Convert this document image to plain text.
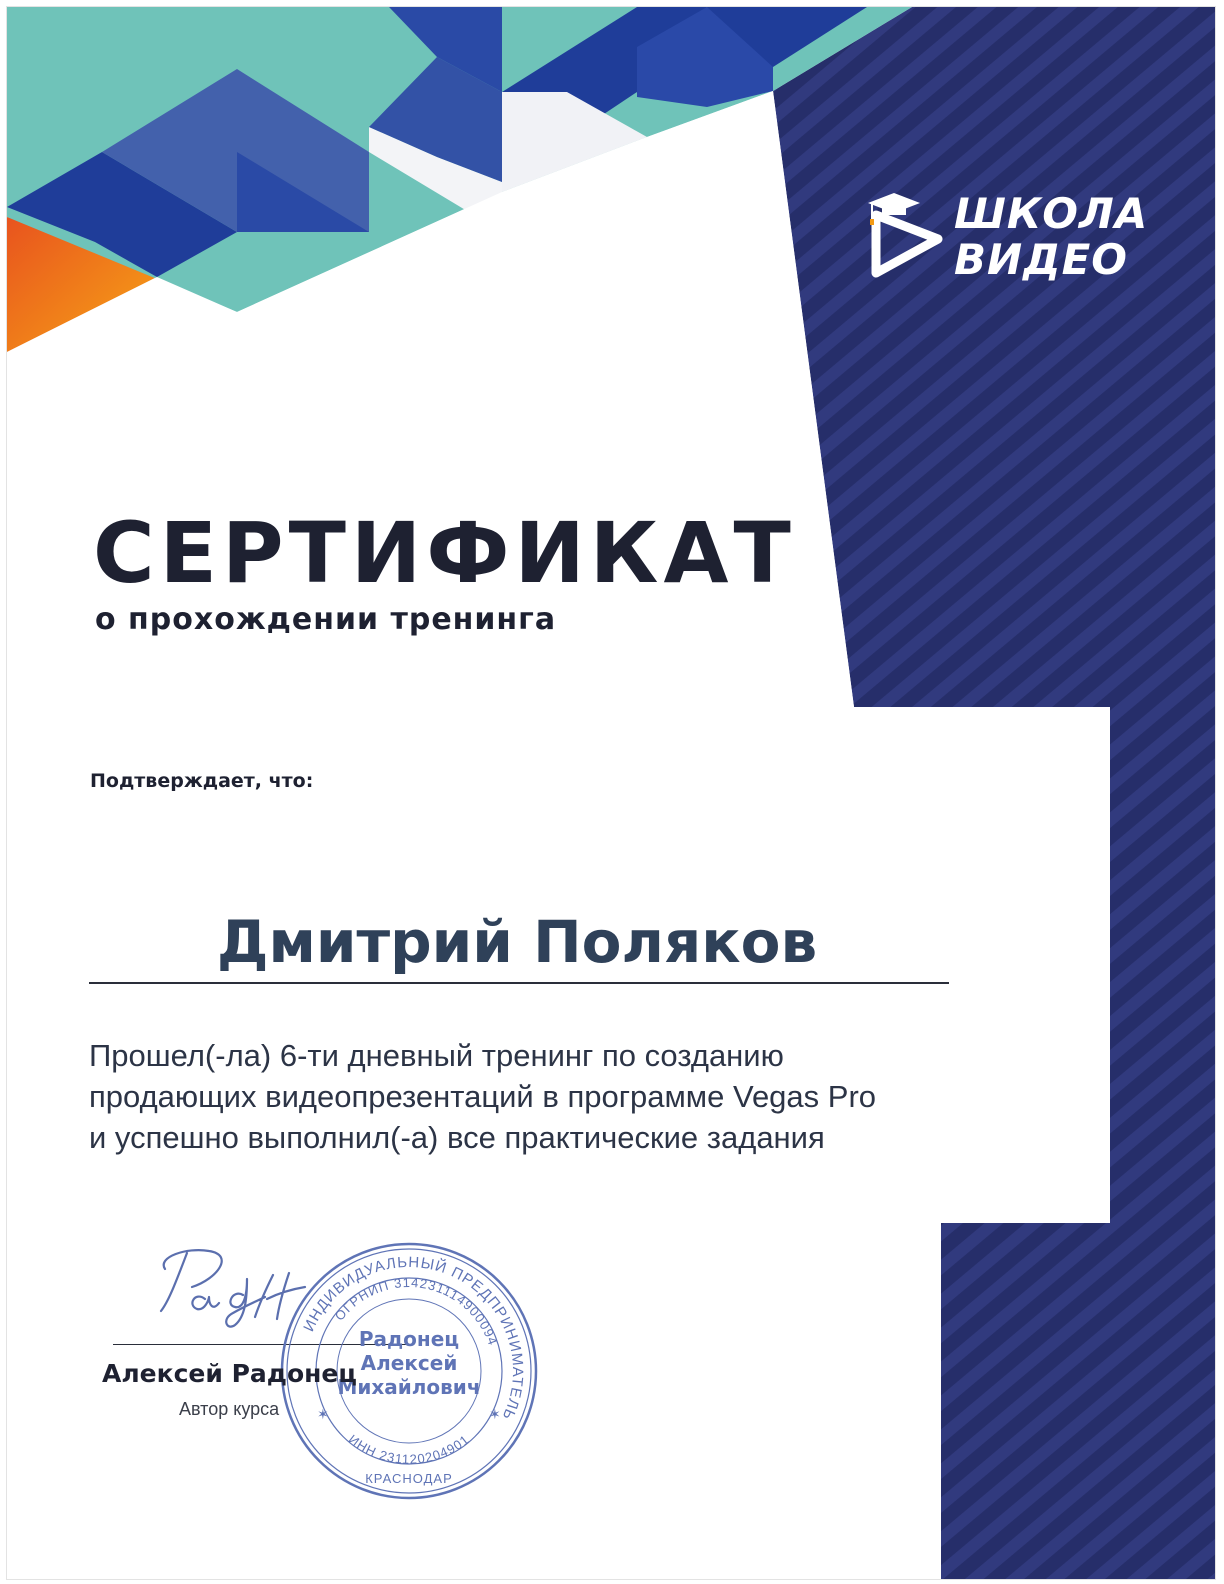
ШКОЛА
ВИДЕО
СЕРТИФИКАТ
о прохождении тренинга
Подтверждает, что:
Дмитрий Поляков
Прошел(-ла) 6-ти дневный тренинг по созданию
продающих видеопрезентаций в программе Vegas Pro
и успешно выполнил(-а) все практические задания
ИНДИВИДУАЛЬНЫЙ ПРЕДПРИНИМАТЕЛЬ
ОГРНИП 314231114900094
ИНН 231120204901
КРАСНОДАР
✶	✶
Радонец
Алексей
Михайлович
Алексей Радонец
Автор курса
